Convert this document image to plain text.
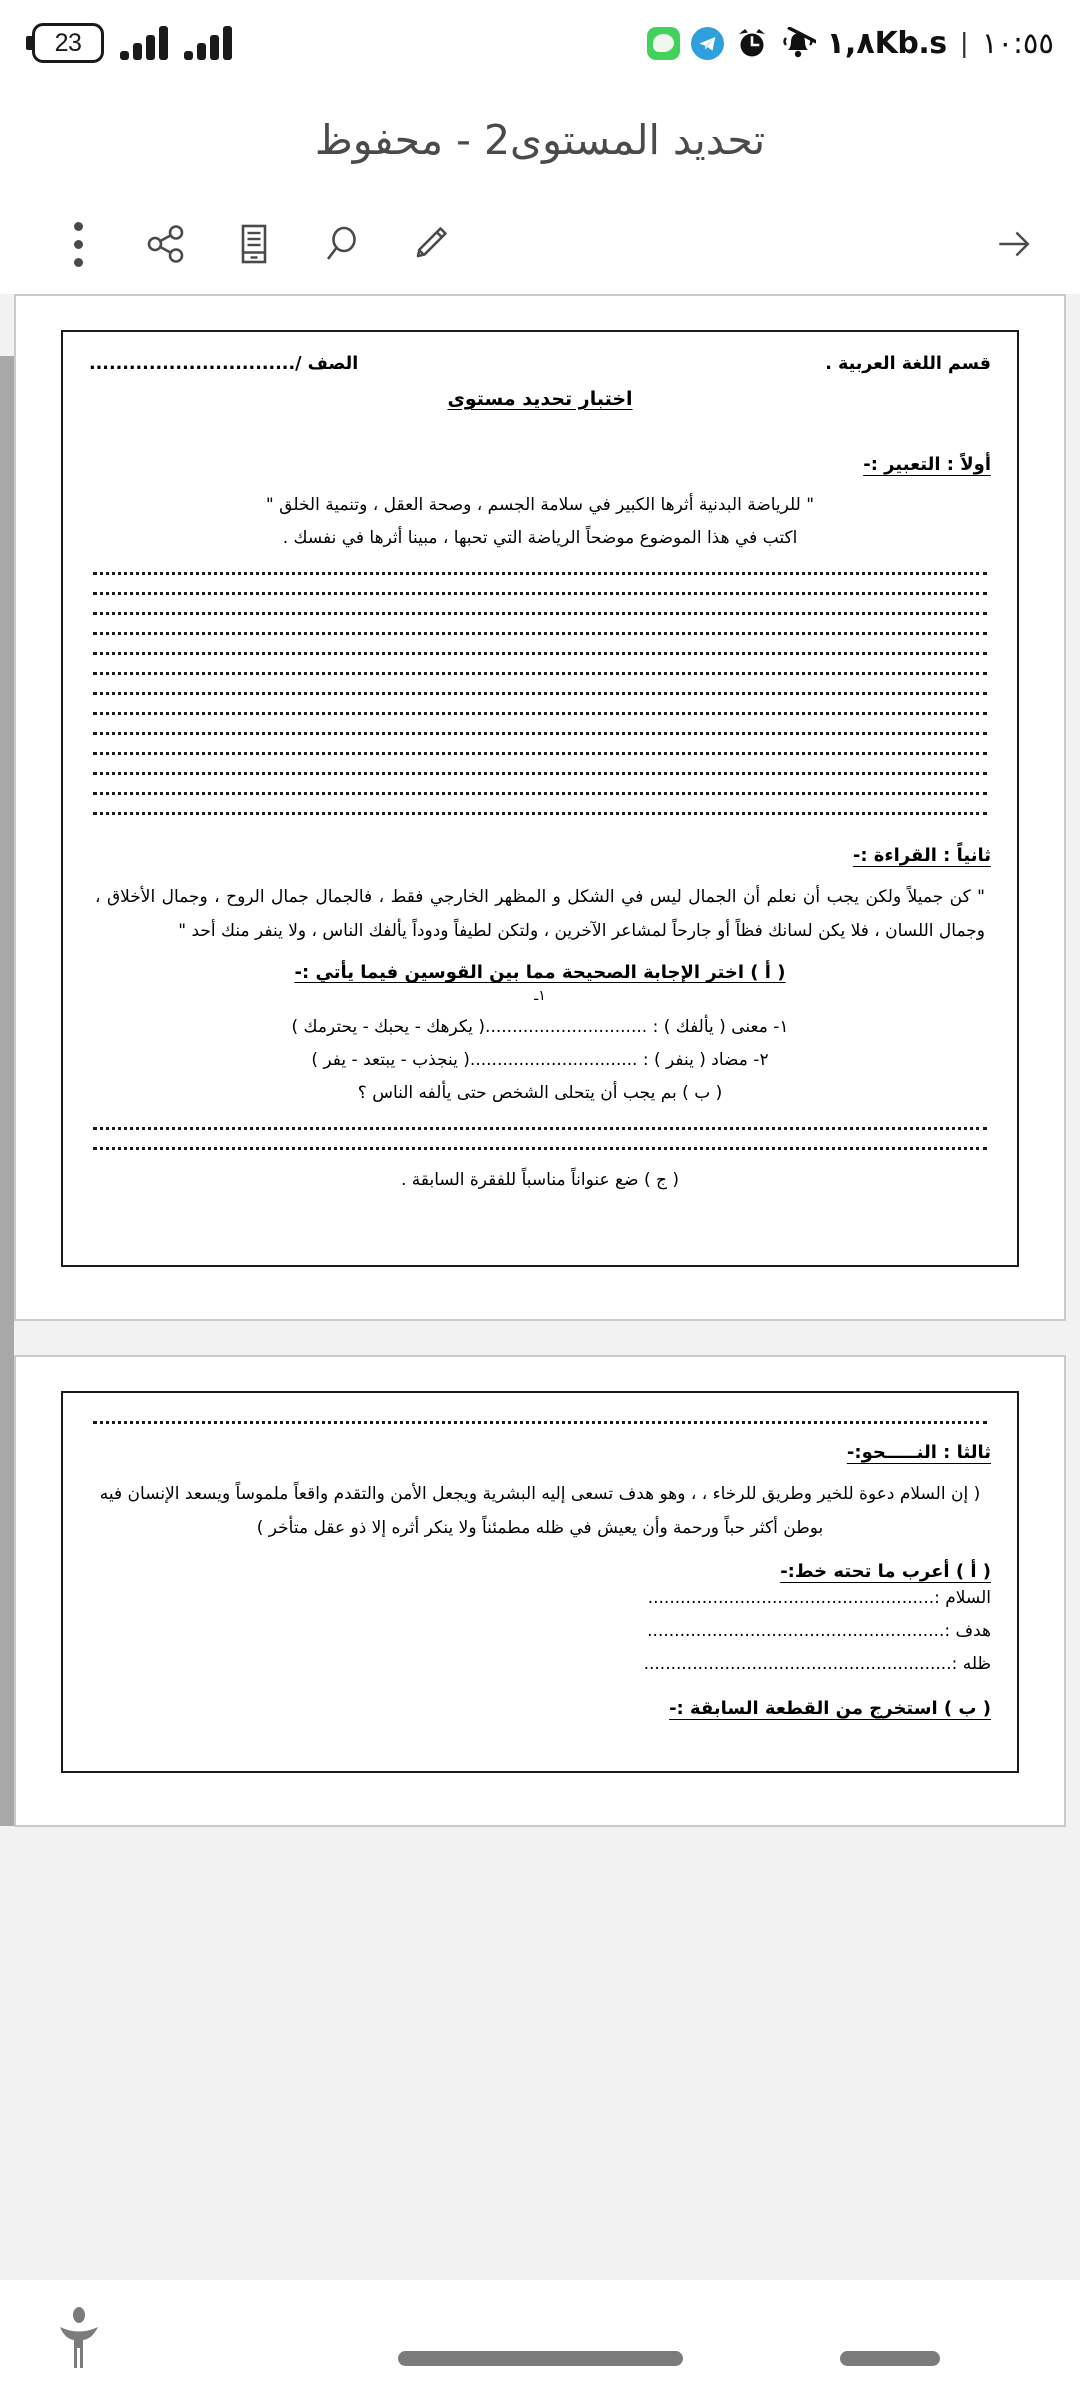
23	١,٨Kb.s | ١٠:٥٥
تحديد المستوى2 - محفوظ
قسم اللغة العربية .
الصف /...............................
اختبار تحديد مستوى
أولاً : التعبير :-
" للرياضة البدنية أثرها الكبير في سلامة الجسم ، وصحة العقل ، وتنمية الخلق "
اكتب في هذا الموضوع موضحاً الرياضة التي تحبها ، مبينا أثرها في نفسك .
ثانياً : القراءة :-
" كن جميلاً ولكن يجب أن نعلم أن الجمال ليس في الشكل و المظهر الخارجي فقط ، فالجمال جمال الروح ، وجمال الأخلاق ، وجمال اللسان ، فلا يكن لسانك فظاً أو جارحاً لمشاعر الآخرين ، ولتكن لطيفاً ودوداً يألفك الناس ، ولا ينفر منك أحد "
( أ ) اختر الإجابة الصحيحة مما بين القوسين فيما يأتي :-
١ـ
١- معنى ( يألفك ) : ..............................( يكرهك - يحبك - يحترمك )
٢- مضاد ( ينفر ) : ...............................( ينجذب - يبتعد - يفر )
( ب ) بم يجب أن يتحلى الشخص حتى يألفه الناس ؟
( ج ) ضع عنواناً مناسباً للفقرة السابقة .
ثالثا : النـــــحو:-
( إن السلام دعوة للخير وطريق للرخاء ، ، وهو هدف تسعى إليه البشرية ويجعل الأمن والتقدم واقعاً ملموساً ويسعد الإنسان فيه بوطن أكثر حباً ورحمة وأن يعيش في ظله مطمئناً ولا ينكر أثره إلا ذو عقل متأخر )
( أ ) أعرب ما تحته خط:-
السلام :.....................................................
هدف :.......................................................
ظله :.........................................................
( ب ) استخرج من القطعة السابقة :-
